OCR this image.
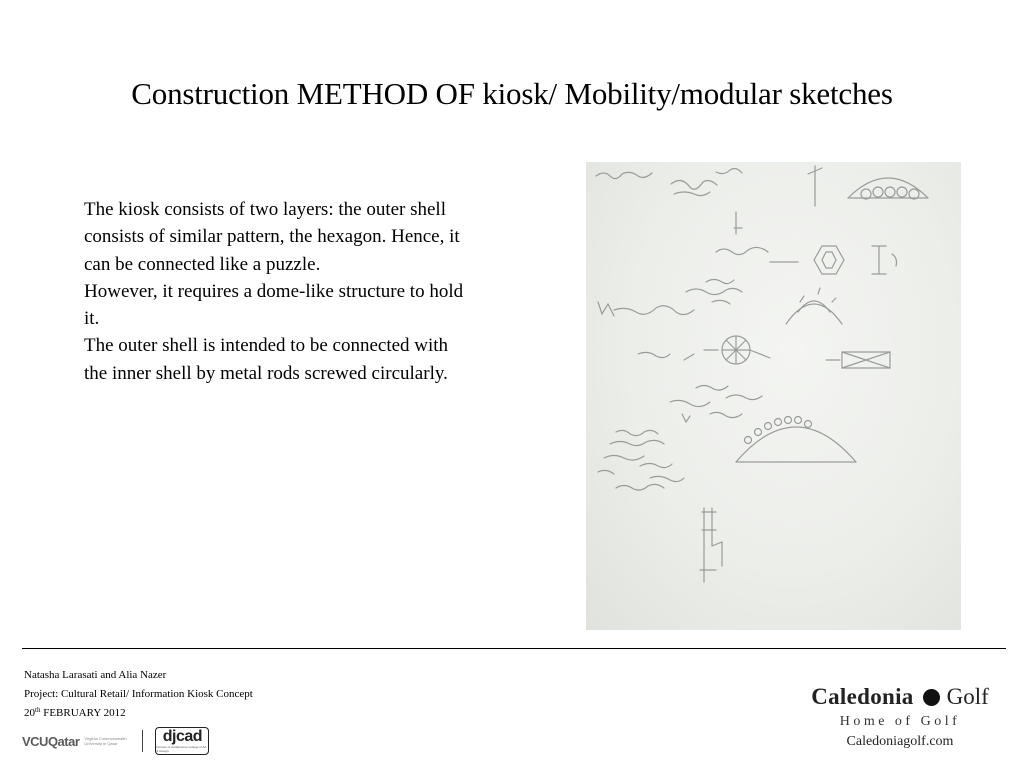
Construction METHOD OF kiosk/ Mobility/modular sketches

The kiosk consists of two layers: the outer shell consists of similar pattern, the hexagon. Hence, it can be connected like a puzzle.

However, it requires a dome-like structure to hold it.

The outer shell is intended to be connected with the inner shell by metal rods screwed circularly.

Natasha Larasati and Alia Nazer
Project: Cultural Retail/ Information Kiosk Concept
20th FEBRUARY 2012
VCUQatar Virginia Commonwealth University in Qatar	djcad
Duncan of Jordanstone College of Art & Design
Caledonia Golf
Home of Golf
Caledoniagolf.com
